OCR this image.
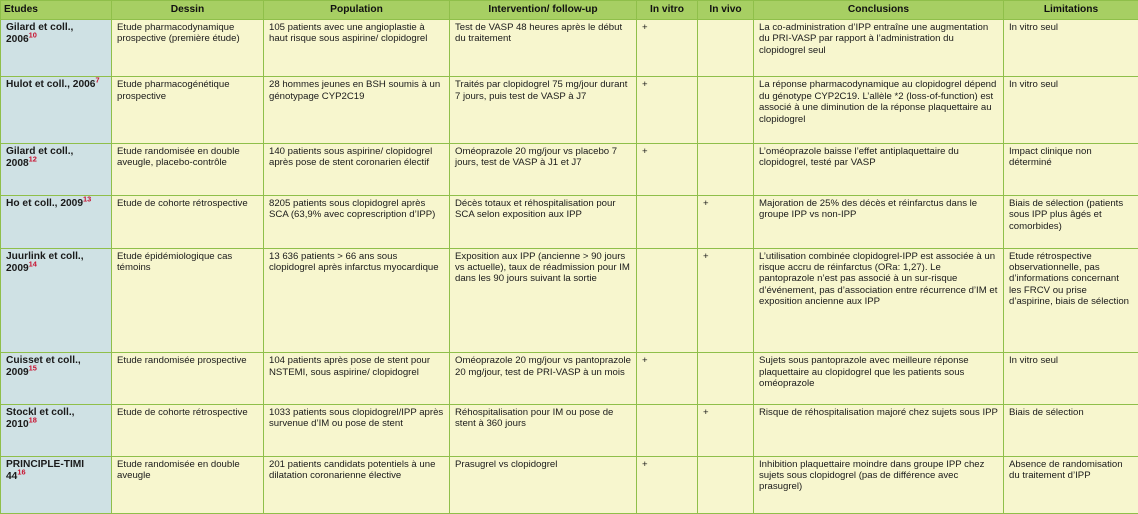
Etudes	Dessin	Population	Intervention/ follow-up	In vitro	In vivo	Conclusions	Limitations
Gilard et coll., 2006$^{10}$	Etude pharmacodynamique prospective (première étude)	105 patients avec une angioplastie à haut risque sous aspirine/ clopidogrel	Test de VASP 48 heures après le début du traitement	+		La co-administration d’IPP entraîne une augmentation du PRI-VASP par rapport à l’administration du clopidogrel seul	In vitro seul
Hulot et coll., 2006$^7$	Etude pharmacogénétique prospective	28 hommes jeunes en BSH soumis à un génotypage CYP2C19	Traités par clopidogrel 75 mg/jour durant 7 jours, puis test de VASP à J7	+		La réponse pharmacodynamique au clopidogrel dépend du génotype CYP2C19. L’allèle *2 (loss-of-function) est associé à une diminution de la réponse plaquettaire au clopidogrel	In vitro seul
Gilard et coll., 2008$^{12}$	Etude randomisée en double aveugle, placebo-contrôle	140 patients sous aspirine/ clopidogrel après pose de stent coronarien électif	Oméoprazole 20 mg/jour vs placebo 7 jours, test de VASP à J1 et J7	+		L’oméoprazole baisse l’effet antiplaquettaire du clopidogrel, testé par VASP	Impact clinique non déterminé
Ho et coll., 2009$^{13}$	Etude de cohorte rétrospective	8205 patients sous clopidogrel après SCA (63,9% avec coprescription d’IPP)	Décès totaux et réhospitalisation pour SCA selon exposition aux IPP		+	Majoration de 25% des décès et réinfarctus dans le groupe IPP vs non-IPP	Biais de sélection (patients sous IPP plus âgés et comorbides)
Juurlink et coll., 2009$^{14}$	Etude épidémiologique cas témoins	13 636 patients > 66 ans sous clopidogrel après infarctus myocardique	Exposition aux IPP (ancienne > 90 jours vs actuelle), taux de réadmission pour IM dans les 90 jours suivant la sortie		+	L’utilisation combinée clopidogrel-IPP est associée à un risque accru de réinfarctus (ORa: 1,27). Le pantoprazole n’est pas associé à un sur-risque d’événement, pas d’association entre récurrence d’IM et exposition ancienne aux IPP	Etude rétrospective observationnelle, pas d’informations concernant les FRCV ou prise d’aspirine, biais de sélection
Cuisset et coll., 2009$^{15}$	Etude randomisée prospective	104 patients après pose de stent pour NSTEMI, sous aspirine/ clopidogrel	Oméoprazole 20 mg/jour vs pantoprazole 20 mg/jour, test de PRI-VASP à un mois	+		Sujets sous pantoprazole avec meilleure réponse plaquettaire au clopidogrel que les patients sous oméoprazole	In vitro seul
Stockl et coll., 2010$^{18}$	Etude de cohorte rétrospective	1033 patients sous clopidogrel/IPP après survenue d’IM ou pose de stent	Réhospitalisation pour IM ou pose de stent à 360 jours		+	Risque de réhospitalisation majoré chez sujets sous IPP	Biais de sélection
PRINCIPLE-TIMI 44$^{16}$	Etude randomisée en double aveugle	201 patients candidats potentiels à une dilatation coronarienne élective	Prasugrel vs clopidogrel	+		Inhibition plaquettaire moindre dans groupe IPP chez sujets sous clopidogrel (pas de différence avec prasugrel)	Absence de randomisation du traitement d’IPP
